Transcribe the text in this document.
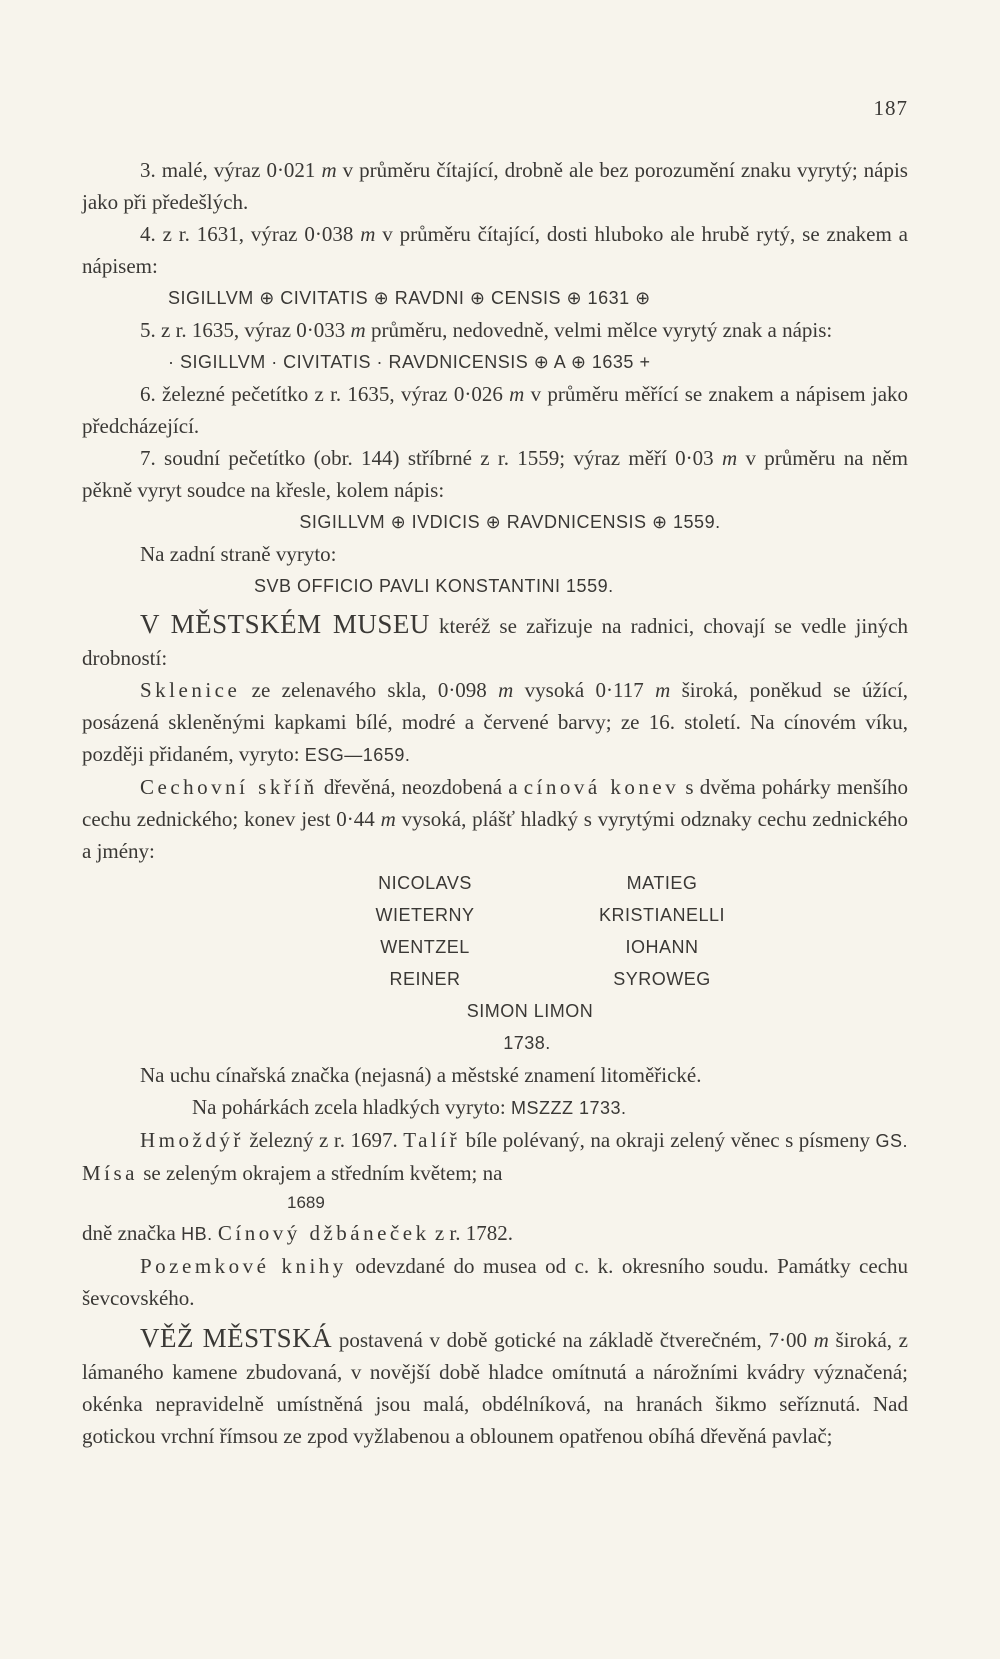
187

3. malé, výraz 0·021 m v průměru čítající, drobně ale bez porozumění znaku vyrytý; nápis jako při předešlých.

4. z r. 1631, výraz 0·038 m v průměru čítající, dosti hluboko ale hrubě rytý, se znakem a nápisem:

SIGILLVM ⊕ CIVITATIS ⊕ RAVDNI ⊕ CENSIS ⊕ 1631 ⊕

5. z r. 1635, výraz 0·033 m průměru, nedovedně, velmi mělce vyrytý znak a nápis:

· SIGILLVM · CIVITATIS · RAVDNICENSIS ⊕ A ⊕ 1635 +

6. železné pečetítko z r. 1635, výraz 0·026 m v průměru měřící se znakem a nápisem jako předcházející.

7. soudní pečetítko (obr. 144) stříbrné z r. 1559; výraz měří 0·03 m v průměru na něm pěkně vyryt soudce na křesle, kolem nápis:

SIGILLVM ⊕ IVDICIS ⊕ RAVDNICENSIS ⊕ 1559.

Na zadní straně vyryto:

SVB OFFICIO PAVLI KONSTANTINI 1559.

V MĚSTSKÉM MUSEU kteréž se zařizuje na radnici, chovají se vedle jiných drobností:

Sklenice ze zelenavého skla, 0·098 m vysoká 0·117 m široká, poněkud se úžící, posázená skleněnými kapkami bílé, modré a červené barvy; ze 16. století. Na cínovém víku, později přidaném, vyryto: ESG—1659.

Cechovní skříň dřevěná, neozdobená a cínová konev s dvěma pohárky menšího cechu zednického; konev jest 0·44 m vysoká, plášť hladký s vyrytými odznaky cechu zednického a jmény:

NICOLAVS	MATIEG
WIETERNY	KRISTIANELLI
WENTZEL	IOHANN
REINER	SYROWEG
SIMON LIMON
1738.

Na uchu cínařská značka (nejasná) a městské znamení litoměřické.

Na pohárkách zcela hladkých vyryto: MSZZZ 1733.

Hmoždýř železný z r. 1697. Talíř bíle polévaný, na okraji zelený věnec s písmeny GS. Mísa se zeleným okrajem a středním květem; na

1689

dně značka HB. Cínový džbáneček z r. 1782.

Pozemkové knihy odevzdané do musea od c. k. okresního soudu. Památky cechu ševcovského.

VĚŽ MĚSTSKÁ postavená v době gotické na základě čtverečném, 7·00 m široká, z lámaného kamene zbudovaná, v novější době hladce omítnutá a nárožními kvádry význačená; okénka nepravidelně umístněná jsou malá, obdélníková, na hranách šikmo seříznutá. Nad gotickou vrchní římsou ze zpod vyžlabenou a oblounem opatřenou obíhá dřevěná pavlač;
